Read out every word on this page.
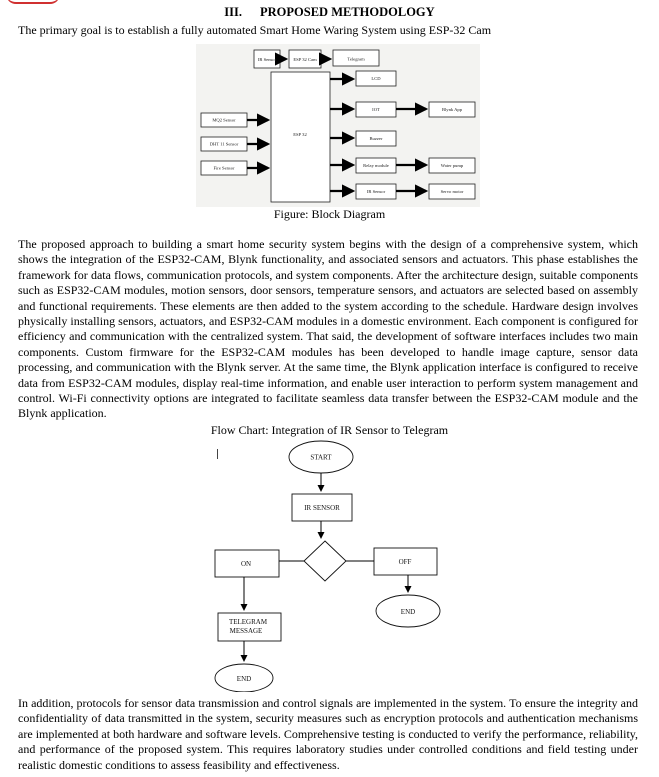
III. PROPOSED METHODOLOGY
The primary goal is to establish a fully automated Smart Home Waring System using ESP-32 Cam
IR Sensor	ESP 32 Cam	Telegram
ESP 32
MQ2 Sensor
DHT 11 Sensor
Fire Sensor
LCD
IOT	Blynk App
Buzzer
Relay module	Water pump
IR Sensor	Servo motor
Figure: Block Diagram

The proposed approach to building a smart home security system begins with the design of a comprehensive system, which shows the integration of the ESP32-CAM, Blynk functionality, and associated sensors and actuators. This phase establishes the framework for data flows, communication protocols, and system components. After the architecture design, suitable components such as ESP32-CAM modules, motion sensors, door sensors, temperature sensors, and actuators are selected based on assembly and functional requirements. These elements are then added to the system according to the schedule. Hardware design involves physically installing sensors, actuators, and ESP32-CAM modules in a domestic environment. Each component is configured for efficiency and communication with the centralized system. That said, the development of software interfaces includes two main components. Custom firmware for the ESP32-CAM modules has been developed to handle image capture, sensor data processing, and communication with the Blynk server. At the same time, the Blynk application interface is configured to receive data from ESP32-CAM modules, display real-time information, and enable user interaction to perform system management and control. Wi-Fi connectivity options are integrated to facilitate seamless data transfer between the ESP32-CAM module and the Blynk application.

Flow Chart: Integration of IR Sensor to Telegram
START
IR SENSOR
ON	OFF
END
TELEGRAM
MESSAGE
END

In addition, protocols for sensor data transmission and control signals are implemented in the system. To ensure the integrity and confidentiality of data transmitted in the system, security measures such as encryption protocols and authentication mechanisms are implemented at both hardware and software levels. Comprehensive testing is conducted to verify the performance, reliability, and performance of the proposed system. This requires laboratory studies under controlled conditions and field testing under realistic domestic conditions to assess feasibility and effectiveness.
